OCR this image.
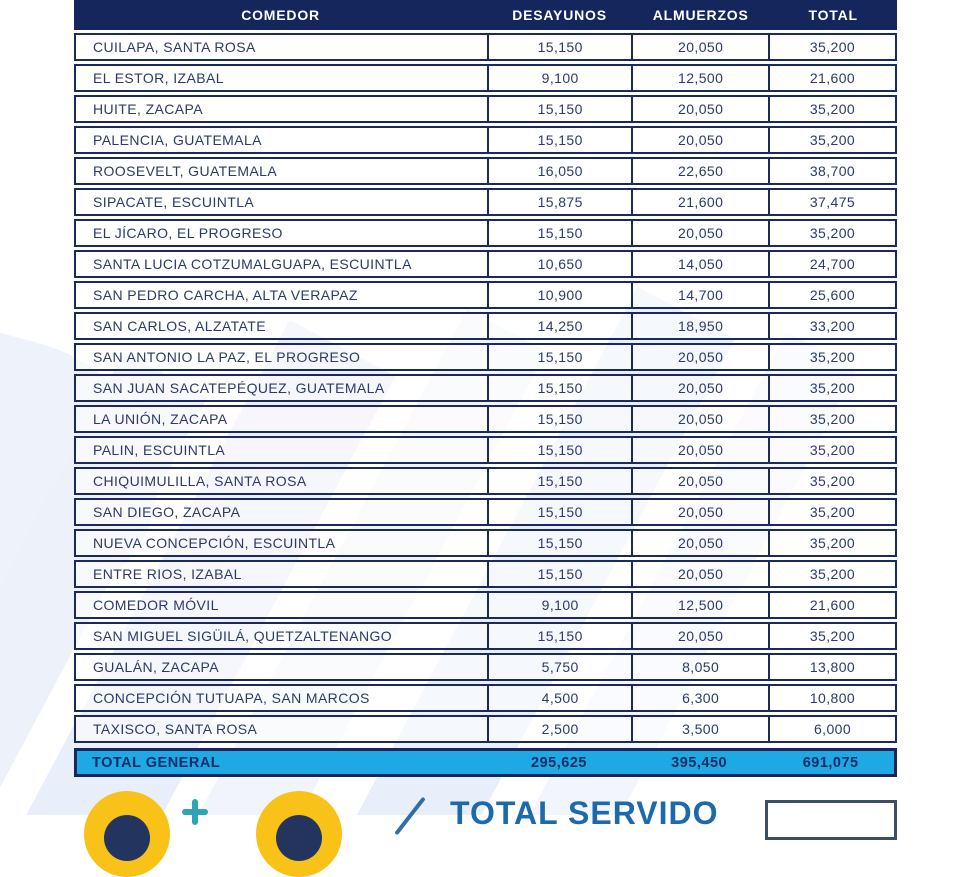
COMEDOR	DESAYUNOS	ALMUERZOS	TOTAL
CUILAPA, SANTA ROSA	15,150	20,050	35,200
EL ESTOR, IZABAL	9,100	12,500	21,600
HUITE, ZACAPA	15,150	20,050	35,200
PALENCIA, GUATEMALA	15,150	20,050	35,200
ROOSEVELT, GUATEMALA	16,050	22,650	38,700
SIPACATE, ESCUINTLA	15,875	21,600	37,475
EL JÍCARO, EL PROGRESO	15,150	20,050	35,200
SANTA LUCIA COTZUMALGUAPA, ESCUINTLA	10,650	14,050	24,700
SAN PEDRO CARCHA, ALTA VERAPAZ	10,900	14,700	25,600
SAN CARLOS, ALZATATE	14,250	18,950	33,200
SAN ANTONIO LA PAZ, EL PROGRESO	15,150	20,050	35,200
SAN JUAN SACATEPÉQUEZ, GUATEMALA	15,150	20,050	35,200
LA UNIÓN, ZACAPA	15,150	20,050	35,200
PALIN, ESCUINTLA	15,150	20,050	35,200
CHIQUIMULILLA, SANTA ROSA	15,150	20,050	35,200
SAN DIEGO, ZACAPA	15,150	20,050	35,200
NUEVA CONCEPCIÓN, ESCUINTLA	15,150	20,050	35,200
ENTRE RIOS, IZABAL	15,150	20,050	35,200
COMEDOR MÓVIL	9,100	12,500	21,600
SAN MIGUEL SIGÜILÁ, QUETZALTENANGO	15,150	20,050	35,200
GUALÁN, ZACAPA	5,750	8,050	13,800
CONCEPCIÓN TUTUAPA, SAN MARCOS	4,500	6,300	10,800
TAXISCO, SANTA ROSA	2,500	3,500	6,000
TOTAL GENERAL	295,625	395,450	691,075
TOTAL SERVIDO
